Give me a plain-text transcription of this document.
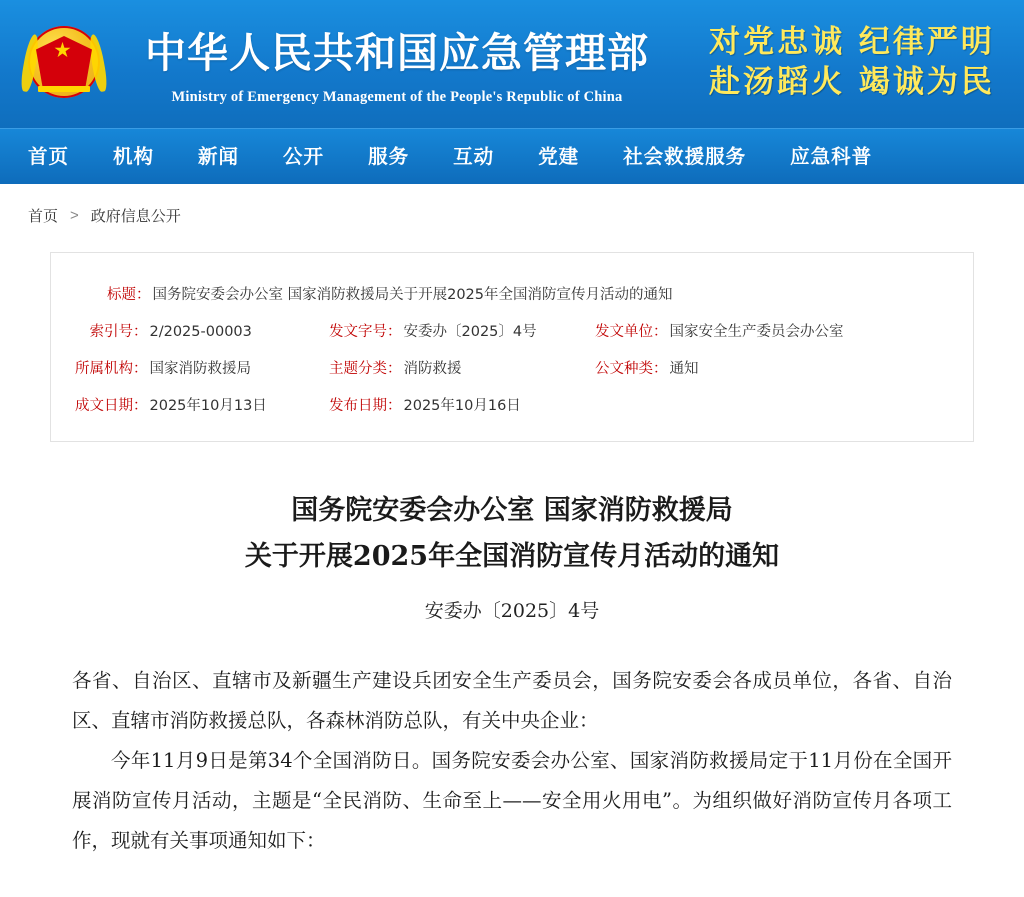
★	中华人民共和国应急管理部
Ministry of Emergency Management of the People's Republic of China
对党忠诚 纪律严明
赴汤蹈火 竭诚为民
首页	机构	新闻	公开	服务	互动	党建	社会救援服务	应急科普
首页 > 政府信息公开
标题 ： 国务院安委会办公室 国家消防救援局关于开展2025年全国消防宣传月活动的通知
索引号 ： 2/2025-00003	发文字号 ： 安委办〔2025〕4号	发文单位 ： 国家安全生产委员会办公室
所属机构 ： 国家消防救援局	主题分类 ： 消防救援	公文种类 ： 通知
成文日期 ： 2025年10月13日	发布日期 ： 2025年10月16日
国务院安委会办公室 国家消防救援局
关于开展2025年全国消防宣传月活动的通知
安委办〔2025〕4号

各省、自治区、直辖市及新疆生产建设兵团安全生产委员会，国务院安委会各成员单位，各省、自治区、直辖市消防救援总队，各森林消防总队，有关中央企业：

今年11月9日是第34个全国消防日。国务院安委会办公室、国家消防救援局定于11月份在全国开展消防宣传月活动，主题是“全民消防、生命至上——安全用火用电”。为组织做好消防宣传月各项工作，现就有关事项通知如下：
